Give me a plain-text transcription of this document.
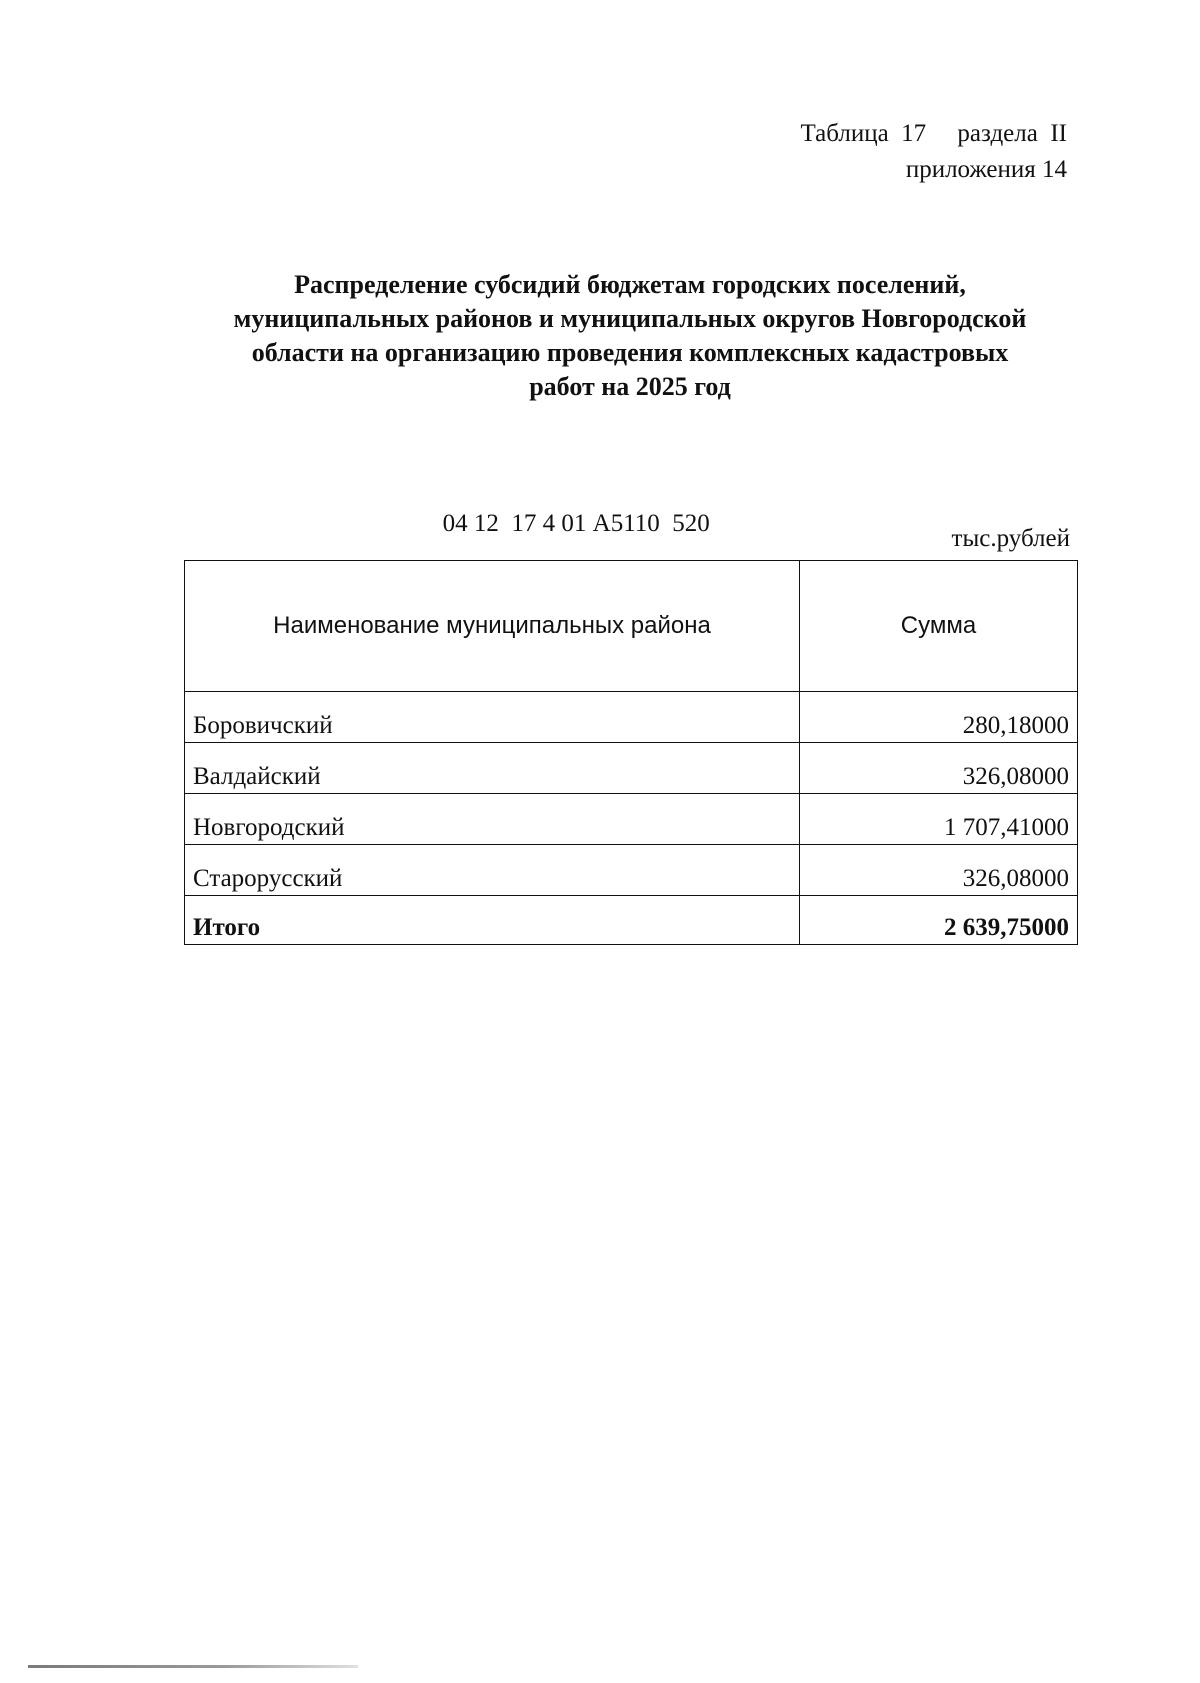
Таблица  17     раздела  II
приложения 14
Распределение субсидий бюджетам городских поселений,
муниципальных районов и муниципальных округов Новгородской
области на организацию проведения комплексных кадастровых
работ на 2025 год

04 12  17 4 01 А5110  520

тыс.рублей
Наименование муниципальных района	Сумма
Боровичский	280,18000
Валдайский	326,08000
Новгородский	1 707,41000
Старорусский	326,08000
Итого	2 639,75000
